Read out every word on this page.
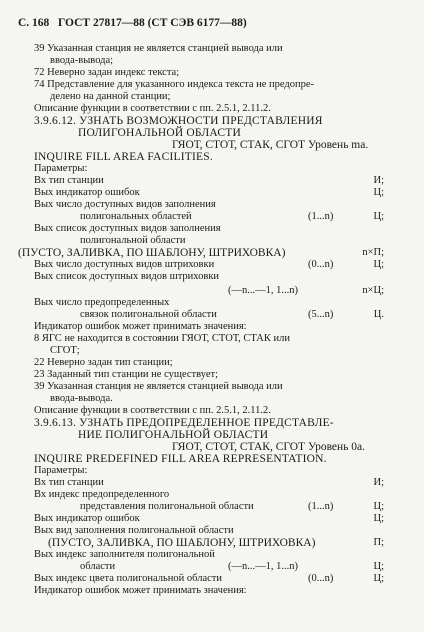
С. 168 ГОСТ 27817—88 (СТ СЭВ 6177—88)
39 Указанная станция не является станцией вывода или
ввода-вывода;
72 Неверно задан индекс текста;
74 Представление для указанного индекса текста не предопре-
делено на данной станции;
Описание функции в соответствии с пп. 2.5.1, 2.11.2.
3.9.6.12. УЗНАТЬ ВОЗМОЖНОСТИ ПРЕДСТАВЛЕНИЯ
ПОЛИГОНАЛЬНОЙ ОБЛАСТИ
ГЯОТ, СТОТ, СТАК, СГОТ Уровень mа.
INQUIRE FILL AREA FACILITIES.
Параметры:
Вх тип станции	И;
Вых индикатор ошибок	Ц;
Вых число доступных видов заполнения
полигональных областей	(1...n)	Ц;
Вых список доступных видов заполнения
полигональной области
(ПУСТО, ЗАЛИВКА, ПО ШАБЛОНУ, ШТРИХОВКА)	n×П;
Вых число доступных видов штриховки	(0...n)	Ц;
Вых список доступных видов штриховки
(—n...—1, 1...n)	n×Ц;
Вых число предопределенных
связок полигональной области	(5...n)	Ц.
Индикатор ошибок может принимать значения:
8 ЯГС не находится в состоянии ГЯОТ, СТОТ, СТАК или
СГОТ;
22 Неверно задан тип станции;
23 Заданный тип станции не существует;
39 Указанная станция не является станцией вывода или
ввода-вывода.
Описание функции в соответствии с пп. 2.5.1, 2.11.2.
3.9.6.13. УЗНАТЬ ПРЕДОПРЕДЕЛЕННОЕ ПРЕДСТАВЛЕ-
НИЕ ПОЛИГОНАЛЬНОЙ ОБЛАСТИ
ГЯОТ, СТОТ, СТАК, СГОТ Уровень 0а.
INQUIRE PREDEFINED FILL AREA REPRESENTATION.
Параметры:
Вх тип станции	И;
Вх индекс предопределенного
представления полигональной области	(1...n)	Ц;
Вых индикатор ошибок	Ц;
Вых вид заполнения полигональной области
(ПУСТО, ЗАЛИВКА, ПО ШАБЛОНУ, ШТРИХОВКА)	П;
Вых индекс заполнителя полигональной
области	(—n...—1, 1...n)	Ц;
Вых индекс цвета полигональной области	(0...n)	Ц;
Индикатор ошибок может принимать значения:
